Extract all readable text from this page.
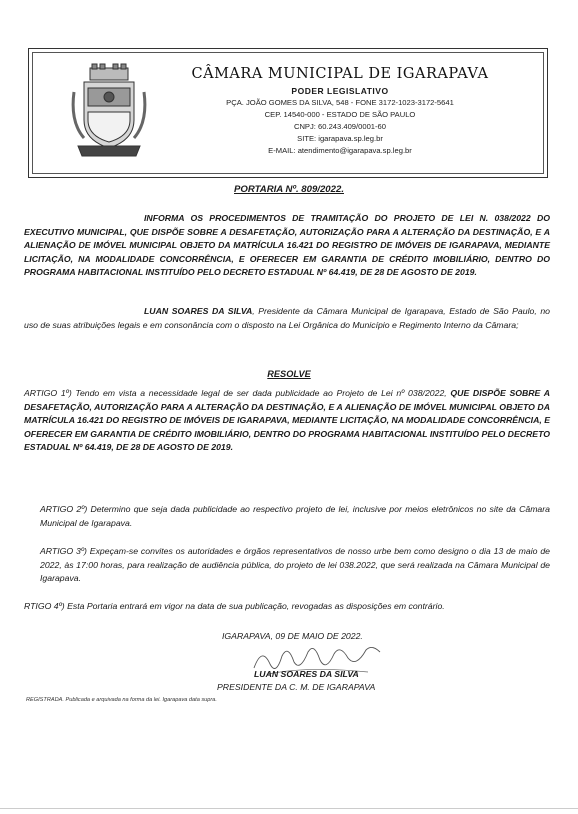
CÂMARA MUNICIPAL DE IGARAPAVA
PODER LEGISLATIVO
PÇA. JOÃO GOMES DA SILVA, 548 - FONE 3172-1023-3172-5641
CEP. 14540-000 - ESTADO DE SÃO PAULO
CNPJ: 60.243.409/0001-60
SITE: igarapava.sp.leg.br
E-MAIL: atendimento@igarapava.sp.leg.br
PORTARIA Nº. 809/2022.
INFORMA OS PROCEDIMENTOS DE TRAMITAÇÃO DO PROJETO DE LEI N. 038/2022 DO EXECUTIVO MUNICIPAL, QUE DISPÕE SOBRE A DESAFETAÇÃO, AUTORIZAÇÃO PARA A ALTERAÇÃO DA DESTINAÇÃO, E A ALIENAÇÃO DE IMÓVEL MUNICIPAL OBJETO DA MATRÍCULA 16.421 DO REGISTRO DE IMÓVEIS DE IGARAPAVA, MEDIANTE LICITAÇÃO, NA MODALIDADE CONCORRÊNCIA, E OFERECER EM GARANTIA DE CRÉDITO IMOBILIÁRIO, DENTRO DO PROGRAMA HABITACIONAL INSTITUÍDO PELO DECRETO ESTADUAL Nº 64.419, DE 28 DE AGOSTO DE 2019.
LUAN SOARES DA SILVA, Presidente da Câmara Municipal de Igarapava, Estado de São Paulo, no uso de suas atribuições legais e em consonância com o disposto na Lei Orgânica do Município e Regimento Interno da Câmara;
RESOLVE
ARTIGO 1º) Tendo em vista a necessidade legal de ser dada publicidade ao Projeto de Lei nº 038/2022, QUE DISPÕE SOBRE A DESAFETAÇÃO, AUTORIZAÇÃO PARA A ALTERAÇÃO DA DESTINAÇÃO, E A ALIENAÇÃO DE IMÓVEL MUNICIPAL OBJETO DA MATRÍCULA 16.421 DO REGISTRO DE IMÓVEIS DE IGARAPAVA, MEDIANTE LICITAÇÃO, NA MODALIDADE CONCORRÊNCIA, E OFERECER EM GARANTIA DE CRÉDITO IMOBILIÁRIO, DENTRO DO PROGRAMA HABITACIONAL INSTITUÍDO PELO DECRETO ESTADUAL Nº 64.419, DE 28 DE AGOSTO DE 2019.
ARTIGO 2º) Determino que seja dada publicidade ao respectivo projeto de lei, inclusive por meios eletrônicos no site da Câmara Municipal de Igarapava.
ARTIGO 3º) Expeçam-se convites os autoridades e órgãos representativos de nosso urbe bem como designo o dia 13 de maio de 2022, às 17:00 horas, para realização de audiência pública, do projeto de lei 038.2022, que será realizada na Câmara Municipal de Igarapava.
RTIGO 4º) Esta Portaria entrará em vigor na data de sua publicação, revogadas as disposições em contrário.
IGARAPAVA, 09 DE MAIO DE 2022.
LUAN SOARES DA SILVA
PRESIDENTE DA C. M. DE IGARAPAVA
REGISTRADA. Publicada e arquivada na forma da lei. Igarapava data supra.
